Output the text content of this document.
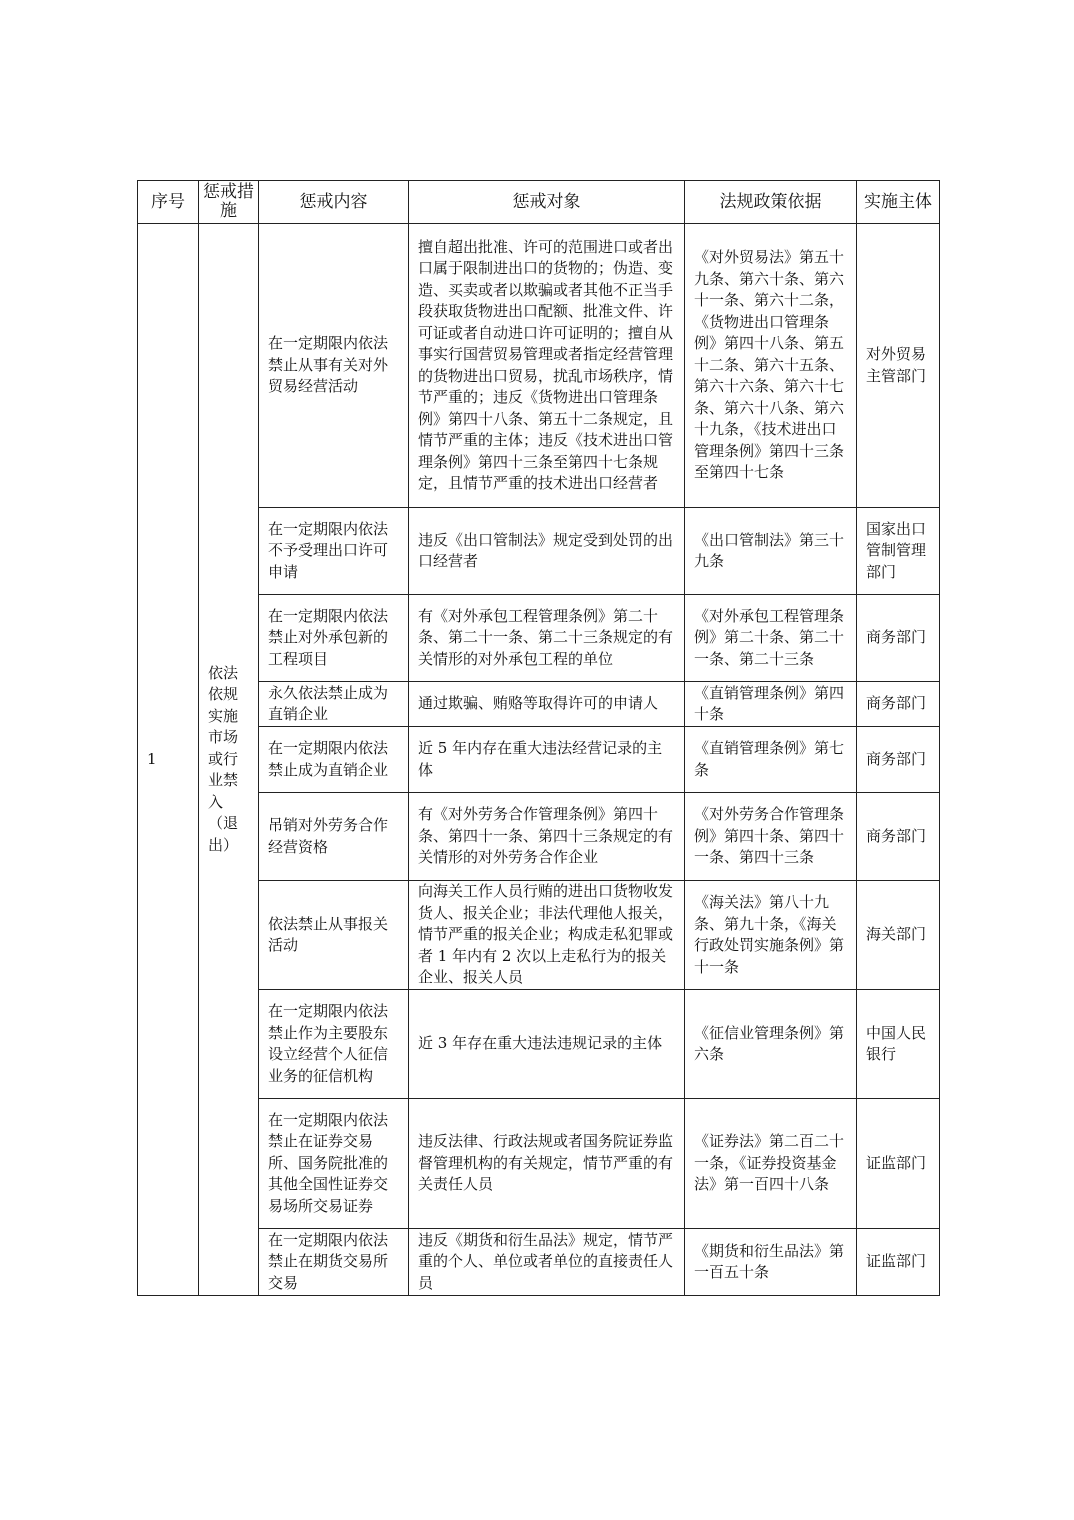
序号	惩戒措施	惩戒内容	惩戒对象	法规政策依据	实施主体
1	依法依规实施市场或行业禁入（退出）	在一定期限内依法禁止从事有关对外贸易经营活动	擅自超出批准、许可的范围进口或者出口属于限制进出口的货物的；伪造、变造、买卖或者以欺骗或者其他不正当手段获取货物进出口配额、批准文件、许可证或者自动进口许可证明的；擅自从事实行国营贸易管理或者指定经营管理的货物进出口贸易，扰乱市场秩序，情节严重的；违反《货物进出口管理条例》第四十八条、第五十二条规定，且情节严重的主体；违反《技术进出口管理条例》第四十三条至第四十七条规定，且情节严重的技术进出口经营者	《对外贸易法》第五十九条、第六十条、第六十一条、第六十二条，《货物进出口管理条例》第四十八条、第五十二条、第六十五条、第六十六条、第六十七条、第六十八条、第六十九条，《技术进出口管理条例》第四十三条至第四十七条	对外贸易主管部门
		在一定期限内依法不予受理出口许可申请	违反《出口管制法》规定受到处罚的出口经营者	《出口管制法》第三十九条	国家出口管制管理部门
		在一定期限内依法禁止对外承包新的工程项目	有《对外承包工程管理条例》第二十条、第二十一条、第二十三条规定的有关情形的对外承包工程的单位	《对外承包工程管理条例》第二十条、第二十一条、第二十三条	商务部门
		永久依法禁止成为直销企业	通过欺骗、贿赂等取得许可的申请人	《直销管理条例》第四十条	商务部门
		在一定期限内依法禁止成为直销企业	近 5 年内存在重大违法经营记录的主体	《直销管理条例》第七条	商务部门
		吊销对外劳务合作经营资格	有《对外劳务合作管理条例》第四十条、第四十一条、第四十三条规定的有关情形的对外劳务合作企业	《对外劳务合作管理条例》第四十条、第四十一条、第四十三条	商务部门
		依法禁止从事报关活动	向海关工作人员行贿的进出口货物收发货人、报关企业；非法代理他人报关，情节严重的报关企业；构成走私犯罪或者 1 年内有 2 次以上走私行为的报关企业、报关人员	《海关法》第八十九条、第九十条，《海关行政处罚实施条例》第十一条	海关部门
		在一定期限内依法禁止作为主要股东设立经营个人征信业务的征信机构	近 3 年存在重大违法违规记录的主体	《征信业管理条例》第六条	中国人民银行
		在一定期限内依法禁止在证券交易所、国务院批准的其他全国性证券交易场所交易证券	违反法律、行政法规或者国务院证券监督管理机构的有关规定，情节严重的有关责任人员	《证券法》第二百二十一条，《证券投资基金法》第一百四十八条	证监部门
		在一定期限内依法禁止在期货交易所交易	违反《期货和衍生品法》规定，情节严重的个人、单位或者单位的直接责任人员	《期货和衍生品法》第一百五十条	证监部门
